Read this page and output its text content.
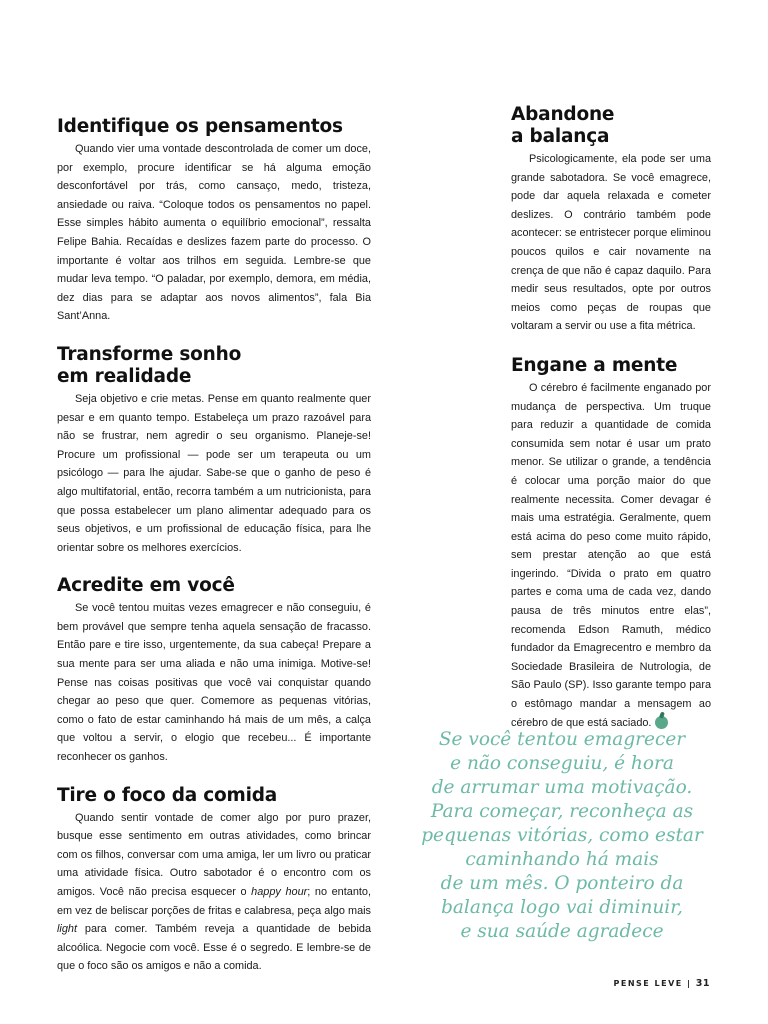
Identifique os pensamentos

Quando vier uma vontade descontrolada de comer um doce, por exemplo, procure identificar se há alguma emoção desconfortável por trás, como cansaço, medo, tristeza, ansiedade ou raiva. “Coloque todos os pensamentos no papel. Esse simples hábito aumenta o equilíbrio emocional”, ressalta Felipe Bahia. Recaídas e deslizes fazem parte do processo. O importante é voltar aos trilhos em seguida. Lembre-se que mudar leva tempo. “O paladar, por exemplo, demora, em média, dez dias para se adaptar aos novos alimentos”, fala Bia Sant’Anna.

Transforme sonho em realidade

Seja objetivo e crie metas. Pense em quanto realmente quer pesar e em quanto tempo. Estabeleça um prazo razoável para não se frustrar, nem agredir o seu organismo. Planeje-se! Procure um profissional — pode ser um terapeuta ou um psicólogo — para lhe ajudar. Sabe-se que o ganho de peso é algo multifatorial, então, recorra também a um nutricionista, para que possa estabelecer um plano alimentar adequado para os seus objetivos, e um profissional de educação física, para lhe orientar sobre os melhores exercícios.

Acredite em você

Se você tentou muitas vezes emagrecer e não conseguiu, é bem provável que sempre tenha aquela sensação de fracasso. Então pare e tire isso, urgentemente, da sua cabeça! Prepare a sua mente para ser uma aliada e não uma inimiga. Motive-se! Pense nas coisas positivas que você vai conquistar quando chegar ao peso que quer. Comemore as pequenas vitórias, como o fato de estar caminhando há mais de um mês, a calça que voltou a servir, o elogio que recebeu... É importante reconhecer os ganhos.

Tire o foco da comida

Quando sentir vontade de comer algo por puro prazer, busque esse sentimento em outras atividades, como brincar com os filhos, conversar com uma amiga, ler um livro ou praticar uma atividade física. Outro sabotador é o encontro com os amigos. Você não precisa esquecer o happy hour; no entanto, em vez de beliscar porções de fritas e calabresa, peça algo mais light para comer. Também reveja a quantidade de bebida alcoólica. Negocie com você. Esse é o segredo. E lembre-se de que o foco são os amigos e não a comida.

Abandone a balança

Psicologicamente, ela pode ser uma grande sabotadora. Se você emagrece, pode dar aquela relaxada e cometer deslizes. O contrário também pode acontecer: se entristecer porque eliminou poucos quilos e cair novamente na crença de que não é capaz daquilo. Para medir seus resultados, opte por outros meios como peças de roupas que voltaram a servir ou use a fita métrica.

Engane a mente

O cérebro é facilmente enganado por mudança de perspectiva. Um truque para reduzir a quantidade de comida consumida sem notar é usar um prato menor. Se utilizar o grande, a tendência é colocar uma porção maior do que realmente necessita. Comer devagar é mais uma estratégia. Geralmente, quem está acima do peso come muito rápido, sem prestar atenção ao que está ingerindo. “Divida o prato em quatro partes e coma uma de cada vez, dando pausa de três minutos entre elas”, recomenda Edson Ramuth, médico fundador da Emagrecentro e membro da Sociedade Brasileira de Nutrologia, de São Paulo (SP). Isso garante tempo para o estômago mandar a mensagem ao cérebro de que está saciado.

Se você tentou emagrecer
e não conseguiu, é hora
de arrumar uma motivação.
Para começar, reconheça as
pequenas vitórias, como estar
caminhando há mais
de um mês. O ponteiro da
balança logo vai diminuir,
e sua saúde agradece
PENSE LEVE | 31
